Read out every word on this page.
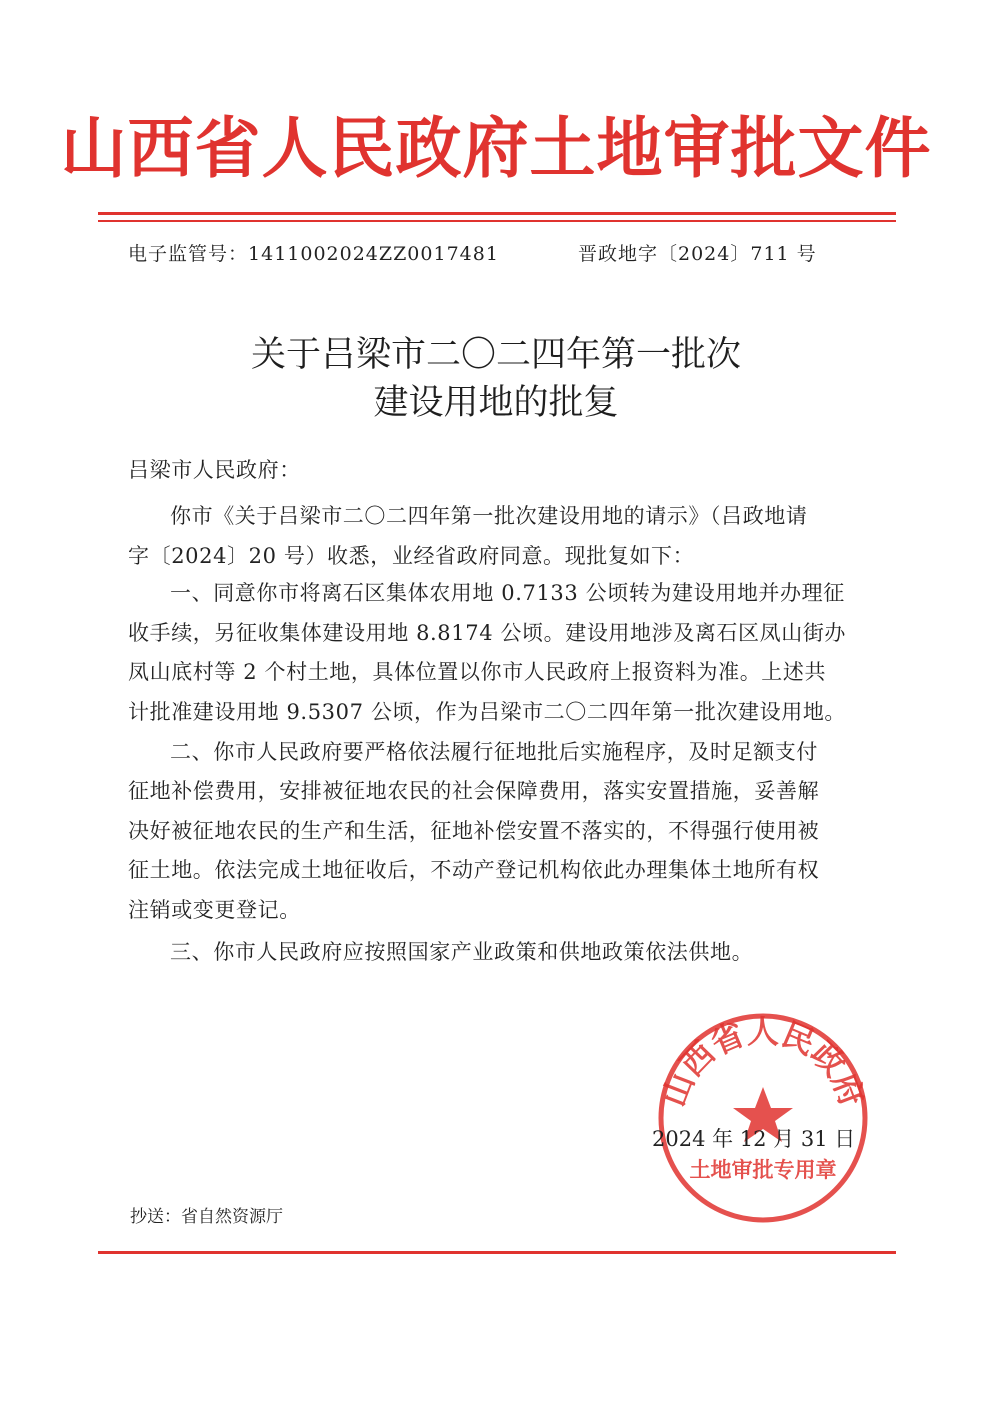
山西省人民政府土地审批文件
电子监管号：1411002024ZZ0017481	晋政地字〔2024〕711 号
关于吕梁市二〇二四年第一批次
建设用地的批复
吕梁市人民政府：
你市《关于吕梁市二〇二四年第一批次建设用地的请示》（吕政地请
字〔2024〕20 号）收悉，业经省政府同意。现批复如下：
一、同意你市将离石区集体农用地 0.7133 公顷转为建设用地并办理征
收手续，另征收集体建设用地 8.8174 公顷。建设用地涉及离石区凤山街办
凤山底村等 2 个村土地，具体位置以你市人民政府上报资料为准。上述共
计批准建设用地 9.5307 公顷，作为吕梁市二〇二四年第一批次建设用地。
二、你市人民政府要严格依法履行征地批后实施程序，及时足额支付
征地补偿费用，安排被征地农民的社会保障费用，落实安置措施，妥善解
决好被征地农民的生产和生活，征地补偿安置不落实的，不得强行使用被
征土地。依法完成土地征收后，不动产登记机构依此办理集体土地所有权
注销或变更登记。
三、你市人民政府应按照国家产业政策和供地政策依法供地。
山西省人民政府
土地审批专用章
2024 年 12 月 31 日
抄送：省自然资源厅
